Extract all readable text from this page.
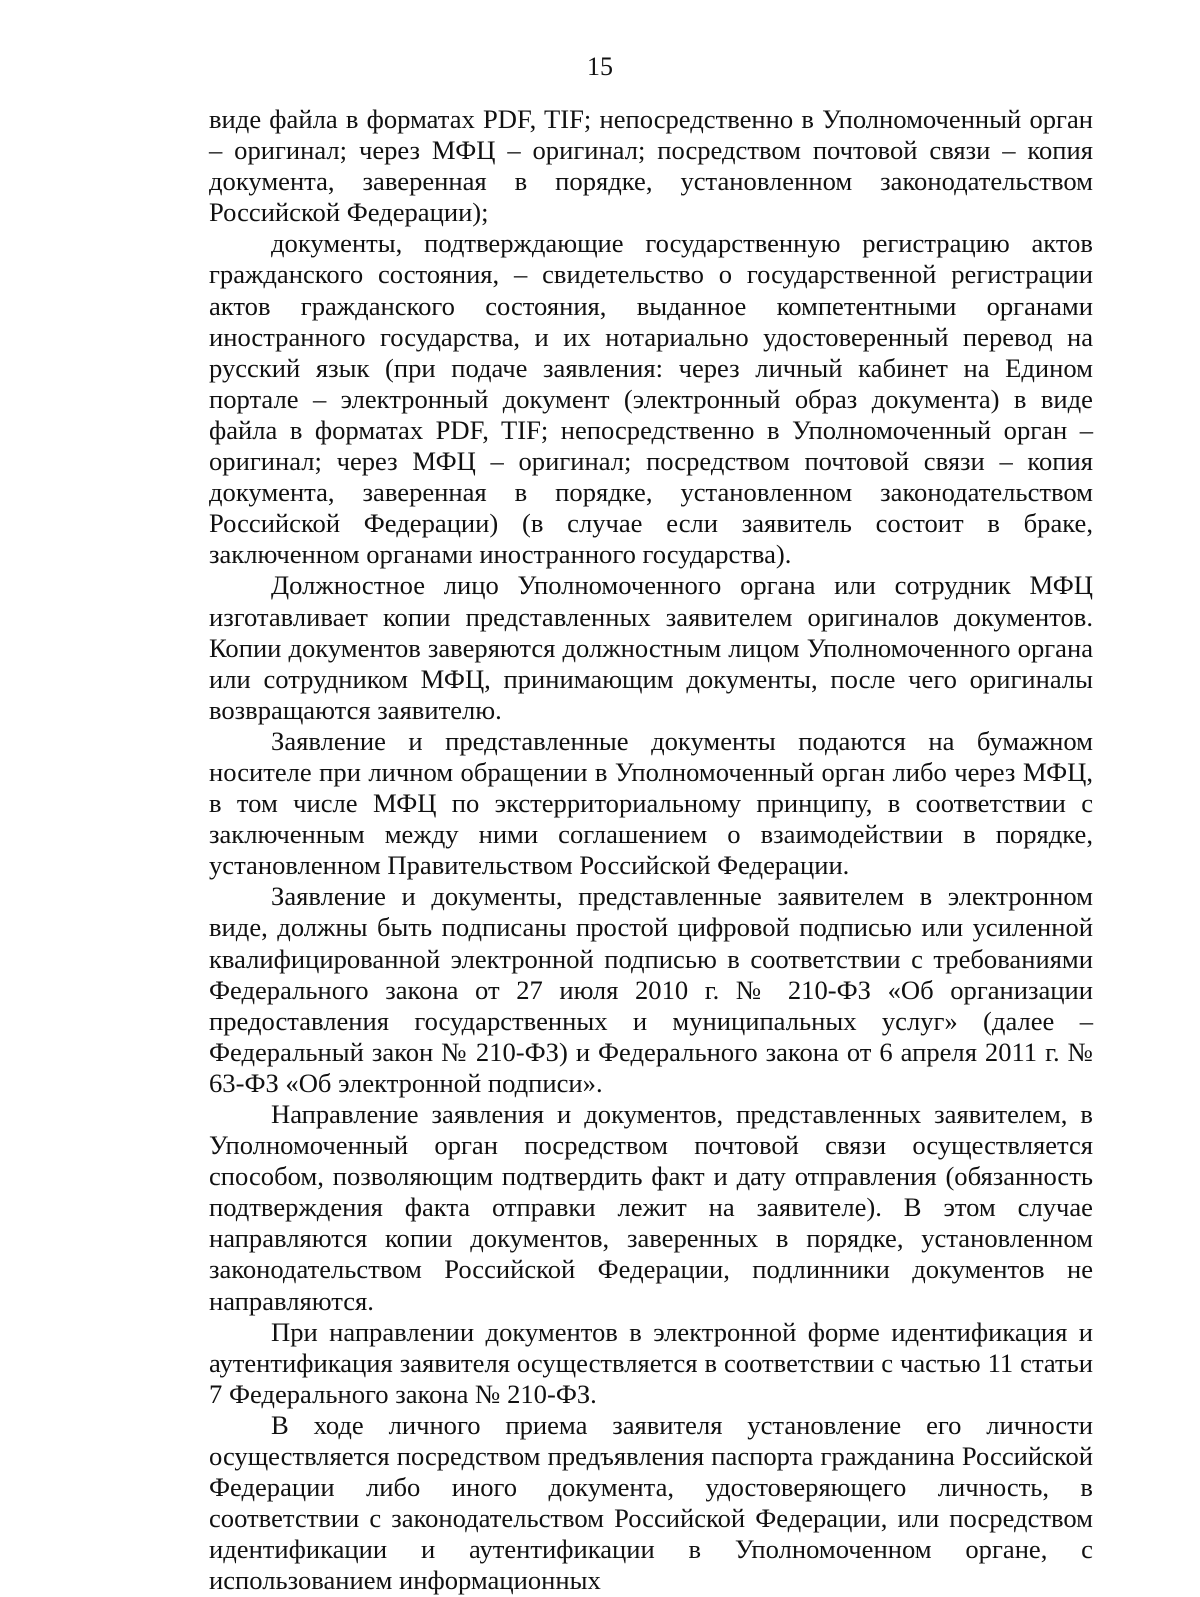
15

виде файла в форматах PDF, TIF; непосредственно в Уполномоченный орган – оригинал; через МФЦ – оригинал; посредством почтовой связи – копия документа, заверенная в порядке, установленном законодательством Российской Федерации);

документы, подтверждающие государственную регистрацию актов гражданского состояния, – свидетельство о государственной регистрации актов гражданского состояния, выданное компетентными органами иностранного государства, и их нотариально удостоверенный перевод на русский язык (при подаче заявления: через личный кабинет на Едином портале – электронный документ (электронный образ документа) в виде файла в форматах PDF, TIF; непосредственно в Уполномоченный орган – оригинал; через МФЦ – оригинал; посредством почтовой связи – копия документа, заверенная в порядке, установленном законодательством Российской Федерации) (в случае если заявитель состоит в браке, заключенном органами иностранного государства).

Должностное лицо Уполномоченного органа или сотрудник МФЦ изготавливает копии представленных заявителем оригиналов документов. Копии документов заверяются должностным лицом Уполномоченного органа или сотрудником МФЦ, принимающим документы, после чего оригиналы возвращаются заявителю.

Заявление и представленные документы подаются на бумажном носителе при личном обращении в Уполномоченный орган либо через МФЦ, в том числе МФЦ по экстерриториальному принципу, в соответствии с заключенным между ними соглашением о взаимодействии в порядке, установленном Правительством Российской Федерации.

Заявление и документы, представленные заявителем в электронном виде, должны быть подписаны простой цифровой подписью или усиленной квалифицированной электронной подписью в соответствии с требованиями Федерального закона от 27 июля 2010 г. № 210-ФЗ «Об организации предоставления государственных и муниципальных услуг» (далее – Федеральный закон № 210-ФЗ) и Федерального закона от 6 апреля 2011 г. № 63-ФЗ «Об электронной подписи».

Направление заявления и документов, представленных заявителем, в Уполномоченный орган посредством почтовой связи осуществляется способом, позволяющим подтвердить факт и дату отправления (обязанность подтверждения факта отправки лежит на заявителе). В этом случае направляются копии документов, заверенных в порядке, установленном законодательством Российской Федерации, подлинники документов не направляются.

При направлении документов в электронной форме идентификация и аутентификация заявителя осуществляется в соответствии с частью 11 статьи 7 Федерального закона № 210-ФЗ.

В ходе личного приема заявителя установление его личности осуществляется посредством предъявления паспорта гражданина Российской Федерации либо иного документа, удостоверяющего личность, в соответствии с законодательством Российской Федерации, или посредством идентификации и аутентификации в Уполномоченном органе, с использованием информационных
